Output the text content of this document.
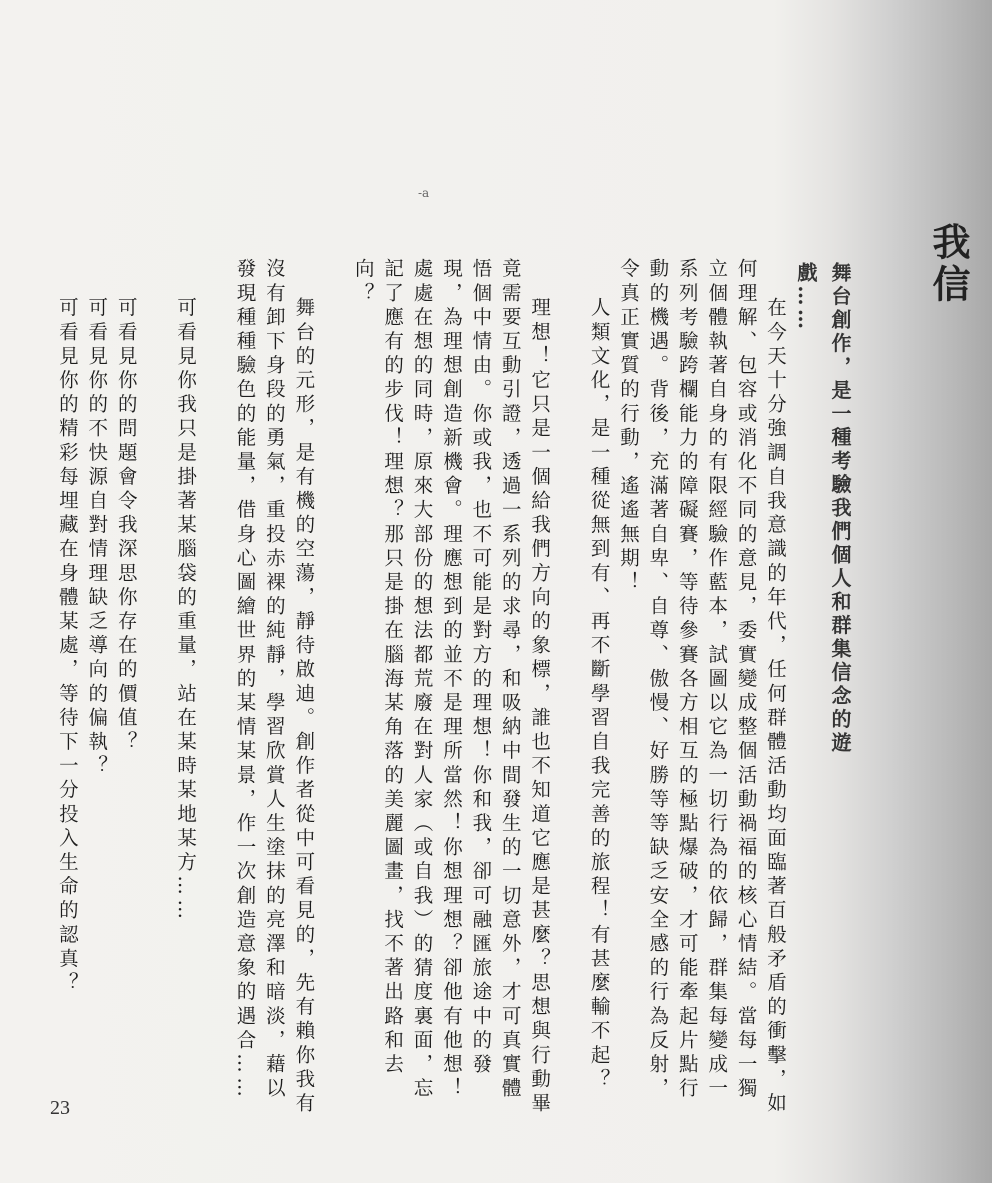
我信
舞台創作，是一種考驗我們個人和群集信念的遊戲……
-a

在今天十分強調自我意識的年代，任何群體活動均面臨著百般矛盾的衝擊，如何理解、包容或消化不同的意見，委實變成整個活動禍福的核心情結。當每一獨立個體執著自身的有限經驗作藍本，試圖以它為一切行為的依歸，群集每變成一系列考驗跨欄能力的障礙賽，等待參賽各方相互的極點爆破，才可能牽起片點行動的機遇。背後，充滿著自卑、自尊、傲慢、好勝等等缺乏安全感的行為反射，令真正實質的行動，遙遙無期！

人類文化，是一種從無到有、再不斷學習自我完善的旅程！有甚麼輸不起？

理想！它只是一個給我們方向的象標，誰也不知道它應是甚麼？思想與行動畢竟需要互動引證，透過一系列的求尋，和吸納中間發生的一切意外，才可真實體悟個中情由。你或我，也不可能是對方的理想！你和我，卻可融匯旅途中的發現，為理想創造新機會。理應想到的並不是理所當然！你想理想？卻他有他想！處處在想的同時，原來大部份的想法都荒廢在對人家（或自我）的猜度裏面，忘記了應有的步伐！理想？那只是掛在腦海某角落的美麗圖畫，找不著出路和去向？

舞台的元形，是有機的空蕩，靜待啟迪。創作者從中可看見的，先有賴你我有沒有卸下身段的勇氣，重投赤裸的純靜，學習欣賞人生塗抹的亮澤和暗淡，藉以發現種種驗色的能量，借身心圖繪世界的某情某景，作一次創造意象的遇合……

可看見你我只是掛著某腦袋的重量，站在某時某地某方……

可看見你的問題會令我深思你存在的價值？

可看見你的不快源自對情理缺乏導向的偏執？

可看見你的精彩每埋藏在身體某處，等待下一分投入生命的認真？

23
